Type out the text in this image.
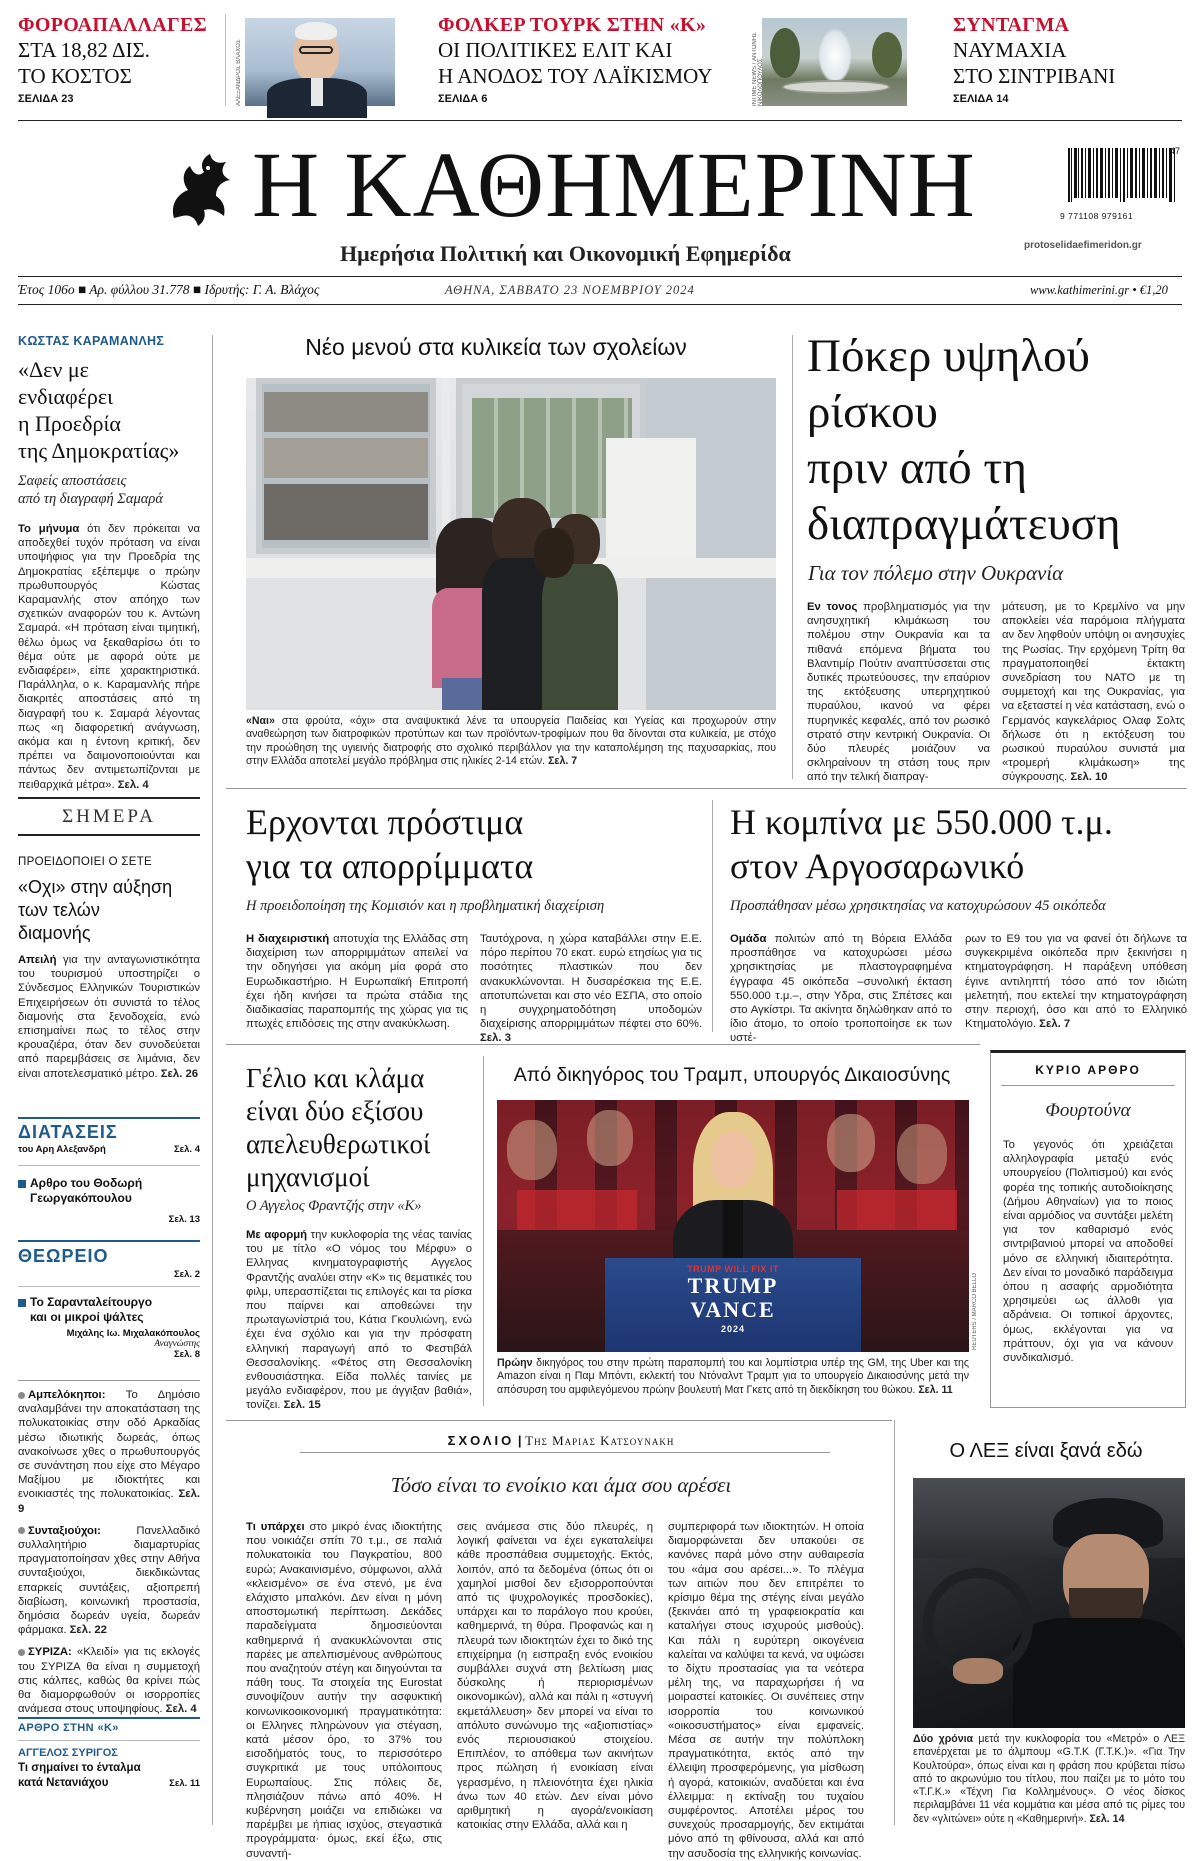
ΦΟΡΟΑΠΑΛΛΑΓΕΣ
ΣΤΑ 18,82 ΔΙΣ.
ΤΟ ΚΟΣΤΟΣ
ΣΕΛΙΔΑ 23	ΑΛΕΞΑΝΔΡΟΣ ΒΛΑΧΟΣ
ΦΟΛΚΕΡ ΤΟΥΡΚ ΣΤΗΝ «Κ»
ΟΙ ΠΟΛΙΤΙΚΕΣ ΕΛΙΤ ΚΑΙ
Η ΑΝΟΔΟΣ ΤΟΥ ΛΑΪΚΙΣΜΟΥ
ΣΕΛΙΔΑ 6	INTIME NEWS / ΑΝΤΩΝΗΣ ΝΙΚΟΛΟΠΟΥΛΟΣ
ΣΥΝΤΑΓΜΑ
ΝΑΥΜΑΧΙΑ
ΣΤΟ ΣΙΝΤΡΙΒΑΝΙ
ΣΕΛΙΔΑ 14
Η ΚΑΘΗΜΕΡΙΝΗ
Ημερήσια Πολιτική και Οικονομική Εφημερίδα
47
9 771108 979161
protoselidaefimeridon.gr
Έτος 106ο ■ Αρ. φύλλου 31.778 ■ Ιδρυτής: Γ. Α. Βλάχος	ΑΘΗΝΑ, ΣΑΒΒΑΤΟ 23 ΝΟΕΜΒΡΙΟΥ 2024	www.kathimerini.gr • €1,20
ΚΩΣΤΑΣ ΚΑΡΑΜΑΝΛΗΣ
«Δεν με
ενδιαφέρει
η Προεδρία
της Δημοκρατίας»
Σαφείς αποστάσεις
από τη διαγραφή Σαμαρά
Το μήνυμα ότι δεν πρόκειται να αποδεχθεί τυχόν πρόταση να είναι υποψήφιος για την Προεδρία της Δημοκρατίας εξέπεμψε ο πρώην πρωθυπουργός Κώστας Καραμανλής στον απόηχο των σχετικών αναφορών του κ. Αντώνη Σαμαρά. «Η πρόταση είναι τιμητική, θέλω όμως να ξεκαθαρίσω ότι το θέμα ούτε με αφορά ούτε με ενδιαφέρει», είπε χαρακτηριστικά. Παράλληλα, ο κ. Καραμανλής πήρε διακριτές αποστάσεις από τη διαγραφή του κ. Σαμαρά λέγοντας πως «η διαφορετική ανάγνωση, ακόμα και η έντονη κριτική, δεν πρέπει να δαιμονοποιούνται και πάντως δεν αντιμετωπίζονται με πειθαρχικά μέτρα». Σελ. 4
ΣΗΜΕΡΑ
ΠΡΟΕΙΔΟΠΟΙΕΙ Ο ΣΕΤΕ
«Οχι» στην αύξηση
των τελών
διαμονής
Απειλή για την ανταγωνιστικότητα του τουρισμού υποστηρίζει ο Σύνδεσμος Ελληνικών Τουριστικών Επιχειρήσεων ότι συνιστά το τέλος διαμονής στα ξενοδοχεία, ενώ επισημαίνει πως το τέλος στην κρουαζιέρα, όταν δεν συνοδεύεται από παρεμβάσεις σε λιμάνια, δεν είναι αποτελεσματικό μέτρο. Σελ. 26
ΔΙΑΤΑΣΕΙΣ
του Αρη Αλεξανδρή	Σελ. 4
Αρθρο του Θοδωρή
Γεωργακόπουλου
Σελ. 13
ΘΕΩΡΕΙΟ
Σελ. 2
Το Σαρανταλείτουργο
και οι μικροί ψάλτες
Μιχάλης Ιω. Μιχαλακόπουλος
Αναγνώστης
Σελ. 8
Αμπελόκηποι: Το Δημόσιο αναλαμβάνει την αποκατάσταση της πολυκατοικίας στην οδό Αρκαδίας μέσω ιδιωτικής δωρεάς, όπως ανακοίνωσε χθες ο πρωθυπουργός σε συνάντηση που είχε στο Μέγαρο Μαξίμου με ιδιοκτήτες και ενοικιαστές της πολυκατοικίας. Σελ. 9
Συνταξιούχοι:	Πανελλαδικό συλλαλητήριο διαμαρτυρίας πραγματοποίησαν χθες στην Αθήνα συνταξιούχοι, διεκδικώντας επαρκείς συντάξεις, αξιοπρεπή διαβίωση, κοινωνική προστασία, δημόσια δωρεάν υγεία, δωρεάν φάρμακα. Σελ. 22
ΣΥΡΙΖΑ: «Κλειδί» για τις εκλογές του ΣΥΡΙΖΑ θα είναι η συμμετοχή στις κάλπες, καθώς θα κρίνει πώς θα διαμορφωθούν οι ισορροπίες ανάμεσα στους υποψηφίους. Σελ. 4
ΑΡΘΡΟ ΣΤΗΝ «Κ»
ΑΓΓΕΛΟΣ ΣΥΡΙΓΟΣ
Τι σημαίνει το ένταλμα
κατά Νετανιάχου	Σελ. 11
Νέο μενού στα κυλικεία των σχολείων
«Ναι» στα φρούτα, «όχι» στα αναψυκτικά λένε τα υπουργεία Παιδείας και Υγείας και προχωρούν στην αναθεώρηση των διατροφικών προτύπων και των προϊόντων-τροφίμων που θα δίνονται στα κυλικεία, με στόχο την προώθηση της υγιεινής διατροφής στο σχολικό περιβάλλον για την καταπολέμηση της παχυσαρκίας, που στην Ελλάδα αποτελεί μεγάλο πρόβλημα στις ηλικίες 2-14 ετών. Σελ. 7
Πόκερ υψηλού
ρίσκου
πριν από τη
διαπραγμάτευση
Για τον πόλεμο στην Ουκρανία
Εν τονος προβληματισμός για την ανησυχητική κλιμάκωση του πολέμου στην Ουκρανία και τα πιθανά επόμενα βήματα του Βλαντιμίρ Πούτιν αναπτύσσεται στις δυτικές πρωτεύουσες, την επαύριον της εκτόξευσης υπερηχητικού πυραύλου, ικανού να φέρει πυρηνικές κεφαλές, από τον ρωσικό στρατό στην κεντρική Ουκρανία. Οι δύο πλευρές μοιάζουν να σκληραίνουν τη στάση τους πριν από την τελική διαπραγ-
μάτευση, με το Κρεμλίνο να μην αποκλείει νέα παρόμοια πλήγματα αν δεν ληφθούν υπόψη οι ανησυχίες της Ρωσίας. Την ερχόμενη Τρίτη θα πραγματοποιηθεί έκτακτη συνεδρίαση του ΝΑΤΟ με τη συμμετοχή και της Ουκρανίας, για να εξεταστεί η νέα κατάσταση, ενώ ο Γερμανός καγκελάριος Ολαφ Σολτς δήλωσε ότι η εκτόξευση του ρωσικού πυραύλου συνιστά μια «τρομερή κλιμάκωση» της σύγκρουσης. Σελ. 10
Ερχονται πρόστιμα
για τα απορρίμματα
Η προειδοποίηση της Κομισιόν και η προβληματική διαχείριση
Η διαχειριστική αποτυχία της Ελλάδας στη διαχείριση των απορριμμάτων απειλεί να την οδηγήσει για ακόμη μία φορά στο Ευρωδικαστήριο. Η Ευρωπαϊκή Επιτροπή έχει ήδη κινήσει τα πρώτα στάδια της διαδικασίας παραπομπής της χώρας για τις πτωχές επιδόσεις της στην ανακύκλωση.
Ταυτόχρονα, η χώρα καταβάλλει στην Ε.Ε. πόρο περίπου 70 εκατ. ευρώ ετησίως για τις ποσότητες πλαστικών που δεν ανακυκλώνονται. Η δυσαρέσκεια της Ε.Ε. αποτυπώνεται και στο νέο ΕΣΠΑ, στο οποίο η συγχρηματοδότηση υποδομών διαχείρισης απορριμμάτων πέφτει στο 60%. Σελ. 3
Η κομπίνα με 550.000 τ.μ.
στον Αργοσαρωνικό
Προσπάθησαν μέσω χρησικτησίας να κατοχυρώσουν 45 οικόπεδα
Ομάδα πολιτών από τη Βόρεια Ελλάδα προσπάθησε να κατοχυρώσει μέσω χρησικτησίας με πλαστογραφημένα έγγραφα 45 οικόπεδα –συνολική έκταση 550.000 τ.μ.–, στην Υδρα, στις Σπέτσες και στο Αγκίστρι. Τα ακίνητα δηλώθηκαν από το ίδιο άτομο, το οποίο τροποποίησε εκ των υστέ-
ρων το Ε9 του για να φανεί ότι δήλωνε τα συγκεκριμένα οικόπεδα πριν ξεκινήσει η κτηματογράφηση. Η παράξενη υπόθεση έγινε αντιληπτή τόσο από τον ιδιώτη μελετητή, που εκτελεί την κτηματογράφηση στην περιοχή, όσο και από το Ελληνικό Κτηματολόγιο. Σελ. 7
Γέλιο και κλάμα
είναι δύο εξίσου
απελευθερωτικοί
μηχανισμοί
Ο Αγγελος Φραντζής στην «Κ»
Με αφορμή την κυκλοφορία της νέας ταινίας του με τίτλο «Ο νόμος του Μέρφυ» ο Ελληνας κινηματογραφιστής Αγγελος Φραντζής αναλύει στην «Κ» τις θεματικές του φιλμ, υπερασπίζεται τις επιλογές και τα ρίσκα που παίρνει και αποθεώνει την πρωταγωνίστριά του, Κάτια Γκουλιώνη, ενώ έχει ένα σχόλιο και για την πρόσφατη ελληνική παραγωγή από το Φεστιβάλ Θεσσαλονίκης. «Φέτος στη Θεσσαλονίκη ενθουσιάστηκα. Είδα πολλές ταινίες με μεγάλο ενδιαφέρον, που με άγγιξαν βαθιά», τονίζει. Σελ. 15
Από δικηγόρος του Τραμπ, υπουργός Δικαιοσύνης
TRUMP WILL FIX IT
TRUMP
VANCE
2024	REUTERS / MARCO BELLO
Πρώην δικηγόρος του στην πρώτη παραπομπή του και λομπίστρια υπέρ της GM, της Uber και της Amazon είναι η Παμ Μπόντι, εκλεκτή του Ντόναλντ Τραμπ για το υπουργείο Δικαιοσύνης μετά την απόσυρση του αμφιλεγόμενου πρώην βουλευτή Ματ Γκετς από τη διεκδίκηση του θώκου. Σελ. 11
ΚΥΡΙΟ ΑΡΘΡΟ
Φουρτούνα
Το γεγονός ότι χρειάζεται αλληλογραφία μεταξύ ενός υπουργείου (Πολιτισμού) και ενός φορέα της τοπικής αυτοδιοίκησης (Δήμου Αθηναίων) για το ποιος είναι αρμόδιος να συντάξει μελέτη για τον καθαρισμό ενός σιντριβανιού μπορεί να αποδοθεί μόνο σε ελληνική ιδιαιτερότητα. Δεν είναι το μοναδικό παράδειγμα όπου η ασαφής αρμοδιότητα χρησιμεύει ως άλλοθι για αδράνεια. Οι τοπικοί άρχοντες, όμως, εκλέγονται για να πράττουν, όχι για να κάνουν συνδικαλισμό.
ΣΧΟΛΙΟ | Της Μαριας Κατσουνακη
Τόσο είναι το ενοίκιο και άμα σου αρέσει
Τι υπάρχει στο μικρό ένας ιδιοκτήτης που νοικιάζει σπίτι 70 τ.μ., σε παλιά πολυκατοικία του Παγκρατίου, 800 ευρώ; Ανακαινισμένο, σύμφωνοι, αλλά «κλεισμένο» σε ένα στενό, με ένα ελάχιστο μπαλκόνι. Δεν είναι η μόνη αποστομωτική περίπτωση. Δεκάδες παραδείγματα δημοσιεύονται καθημερινά ή ανακυκλώνονται στις παρέες με απελπισμένους ανθρώπους που αναζητούν στέγη και διηγούνται τα πάθη τους. Τα στοιχεία της Eurostat συνοψίζουν αυτήν την ασφυκτική κοινωνικοοικονομική πραγματικότητα: οι Ελληνες πληρώνουν για στέγαση, κατά μέσον όρο, το 37% του εισοδήματός τους, το περισσότερο συγκριτικά με τους υπόλοιπους Ευρωπαίους. Στις πόλεις δε, πλησιάζουν πάνω από 40%. Η κυβέρνηση μοιάζει να επιδιώκει να παρέμβει με ήπιας ισχύος, στεγαστικά προγράμματα· όμως, εκεί έξω, στις συναντή-
σεις ανάμεσα στις δύο πλευρές, η λογική φαίνεται να έχει εγκαταλείψει κάθε προσπάθεια συμμετοχής. Εκτός, λοιπόν, από τα δεδομένα (όπως ότι οι χαμηλοί μισθοί δεν εξισορροπούνται από τις ψυχρολογικές προσδοκίες), υπάρχει και το παράλογο που κρούει, καθημερινά, τη θύρα. Προφανώς και η πλευρά των ιδιοκτητών έχει το δικό της επιχείρημα (η εισπραξη ενός ενοικίου συμβάλλει συχνά στη βελτίωση μιας δύσκολης ή περιορισμένων οικονομικών), αλλά και πάλι η «στυγνή εκμετάλλευση» δεν μπορεί να είναι το απόλυτο συνώνυμο της «αξιοπιστίας» ενός περιουσιακού στοιχείου. Επιπλέον, το απόθεμα των ακινήτων προς πώληση ή ενοικίαση είναι γερασμένο, η πλειονότητα έχει ηλικία άνω των 40 ετών. Δεν είναι μόνο αριθμητική η αγορά/ενοικίαση κατοικίας στην Ελλάδα, αλλά και η
συμπεριφορά των ιδιοκτητών. Η οποία διαμορφώνεται δεν υπακούει σε κανόνες παρά μόνο στην αυθαιρεσία του «άμα σου αρέσει...». Το πλέγμα των αιτιών που δεν επιτρέπει το κρίσιμο θέμα της στέγης είναι μεγάλο (ξεκινάει από τη γραφειοκρατία και καταλήγει στους ισχυρούς μισθούς). Και πάλι η ευρύτερη οικογένεια καλείται να καλύψει τα κενά, να υψώσει το δίχτυ προστασίας για τα νεότερα μέλη της, να παραχωρήσει ή να μοιραστεί κατοικίες. Οι συνέπειες στην ισορροπία του κοινωνικού «οικοσυστήματος» είναι εμφανείς. Μέσα σε αυτήν την πολύπλοκη πραγματικότητα, εκτός από την έλλειψη προσφερόμενης, για μίσθωση ή αγορά, κατοικιών, αναδύεται και ένα έλλειμμα: η εκτίναξη του τυχαίου συμφέροντος. Αποτέλει μέρος του συνεχούς προσαρμογής, δεν εκτιμάται μόνο από τη φθίνουσα, αλλά και από την ασυδοσία της ελληνικής κοινωνίας.
Ο ΛΕΞ είναι ξανά εδώ
Δύο χρόνια μετά την κυκλοφορία του «Μετρό» ο ΛΕΞ επανέρχεται με το άλμπουμ «G.T.K (Γ.Τ.Κ.)». «Για Την Κουλτούρα», όπως είναι και η φράση που κρύβεται πίσω από το ακρωνύμιο του τίτλου, που παίζει με το μότο του «Τ.Γ.Κ.» «Τέχνη Για Κολλημένους». Ο νέος δίσκος περιλαμβάνει 11 νέα κομμάτια και μέσα από τις ρίμες του δεν «γλιτώνει» ούτε η «Καθημερινή». Σελ. 14
